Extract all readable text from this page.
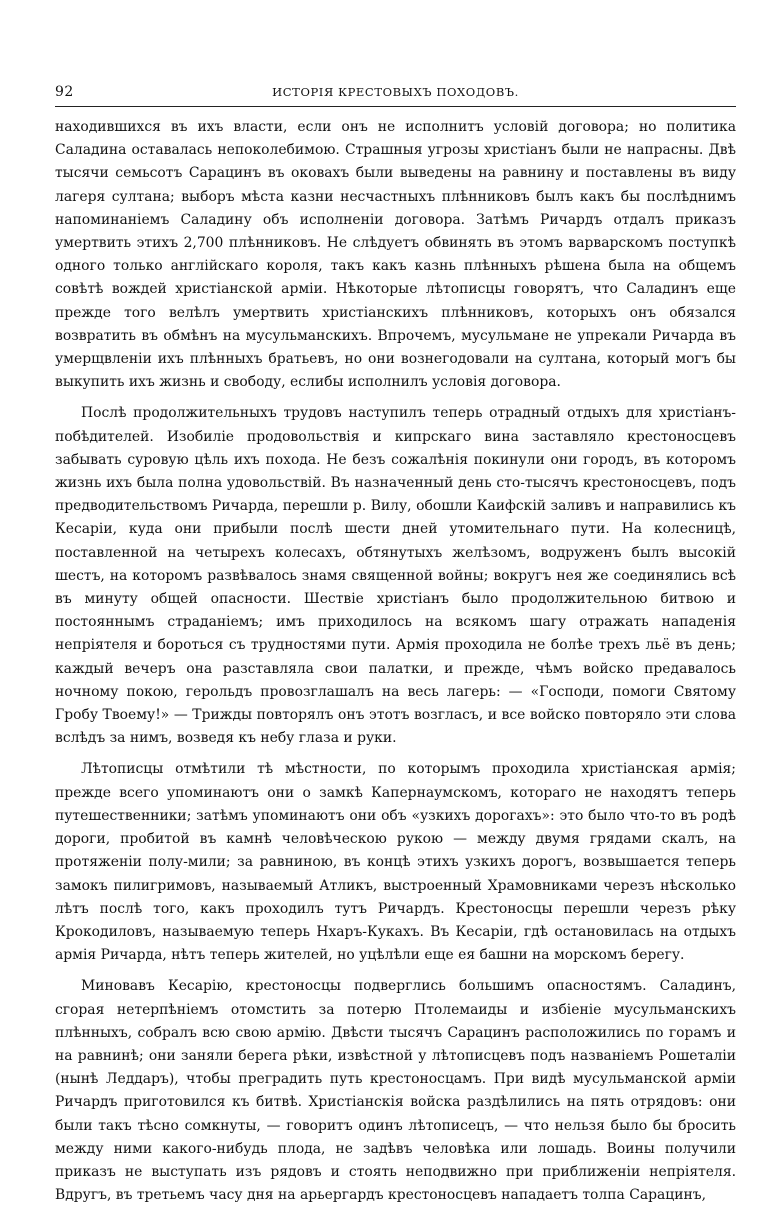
92	ИСТОРІЯ КРЕСТОВЫХЪ ПОХОДОВЪ.

находившихся въ ихъ власти, если онъ не исполнитъ условій договора; но политика Саладина оставалась непоколебимою. Страшныя угрозы христіанъ были не напрасны. Двѣ тысячи семьсотъ Сарацинъ въ оковахъ были выведены на равнину и поставлены въ виду лагеря султана; выборъ мѣста казни несчастныхъ плѣнниковъ былъ какъ бы послѣднимъ напоминаніемъ Саладину объ исполненіи договора. Затѣмъ Ричардъ отдалъ приказъ умертвить этихъ 2,700 плѣнниковъ. Не слѣдуетъ обвинять въ этомъ варварскомъ поступкѣ одного только англійскаго короля, такъ какъ казнь плѣнныхъ рѣшена была на общемъ совѣтѣ вождей христіанской арміи. Нѣкоторые лѣтописцы говорятъ, что Саладинъ еще прежде того велѣлъ умертвить христіанскихъ плѣнниковъ, которыхъ онъ обязался возвратить въ обмѣнъ на мусульманскихъ. Впрочемъ, мусульмане не упрекали Ричарда въ умерщвленіи ихъ плѣнныхъ братьевъ, но они вознегодовали на султана, который могъ бы выкупить ихъ жизнь и свободу, еслибы исполнилъ условія договора.

Послѣ продолжительныхъ трудовъ наступилъ теперь отрадный отдыхъ для христіанъ-побѣдителей. Изобиліе продовольствія и кипрскаго вина заставляло крестоносцевъ забывать суровую цѣль ихъ похода. Не безъ сожалѣнія покинули они городъ, въ которомъ жизнь ихъ была полна удовольствій. Въ назначенный день сто-тысячъ крестоносцевъ, подъ предводительствомъ Ричарда, перешли р. Вилу, обошли Каифскій заливъ и направились къ Кесаріи, куда они прибыли послѣ шести дней утомительнаго пути. На колесницѣ, поставленной на четырехъ колесахъ, обтянутыхъ желѣзомъ, водруженъ былъ высокій шестъ, на которомъ развѣвалось знамя священной войны; вокругъ нея же соединялись всѣ въ минуту общей опасности. Шествіе христіанъ было продолжительною битвою и постояннымъ страданіемъ; имъ приходилось на всякомъ шагу отражать нападенія непріятеля и бороться съ трудностями пути. Армія проходила не болѣе трехъ льё въ день; каждый вечеръ она разставляла свои палатки, и прежде, чѣмъ войско предавалось ночному покою, герольдъ провозглашалъ на весь лагерь: — «Господи, помоги Святому Гробу Твоему!» — Трижды повторялъ онъ этотъ возгласъ, и все войско повторяло эти слова вслѣдъ за нимъ, возведя къ небу глаза и руки.

Лѣтописцы отмѣтили тѣ мѣстности, по которымъ проходила христіанская армія; прежде всего упоминаютъ они о замкѣ Капернаумскомъ, котораго не находятъ теперь путешественники; затѣмъ упоминаютъ они объ «узкихъ дорогахъ»: это было что-то въ родѣ дороги, пробитой въ камнѣ человѣческою рукою — между двумя грядами скалъ, на протяженіи полу-мили; за равниною, въ концѣ этихъ узкихъ дорогъ, возвышается теперь замокъ пилигримовъ, называемый Атликъ, выстроенный Храмовниками черезъ нѣсколько лѣтъ послѣ того, какъ проходилъ тутъ Ричардъ. Крестоносцы перешли черезъ рѣку Крокодиловъ, называемую теперь Нхаръ-Кукахъ. Въ Кесаріи, гдѣ остановилась на отдыхъ армія Ричарда, нѣтъ теперь жителей, но уцѣлѣли еще ея башни на морскомъ берегу.

Миновавъ Кесарію, крестоносцы подверглись большимъ опасностямъ. Саладинъ, сгорая нетерпѣніемъ отомстить за потерю Птолемаиды и избіеніе мусульманскихъ плѣнныхъ, собралъ всю свою армію. Двѣсти тысячъ Сарацинъ расположились по горамъ и на равнинѣ; они заняли берега рѣки, извѣстной у лѣтописцевъ подъ названіемъ Рошеталіи (нынѣ Леддаръ), чтобы преградить путь крестоносцамъ. При видѣ мусульманской арміи Ричардъ приготовился къ битвѣ. Христіанскія войска раздѣлились на пять отрядовъ: они были такъ тѣсно сомкнуты, — говоритъ одинъ лѣтописецъ, — что нельзя было бы бросить между ними какого-нибудь плода, не задѣвъ человѣка или лошадь. Воины получили приказъ не выступать изъ рядовъ и стоять неподвижно при приближеніи непріятеля. Вдругъ, въ третьемъ часу дня на арьергардъ крестоносцевъ нападаетъ толпа Сарацинъ,
